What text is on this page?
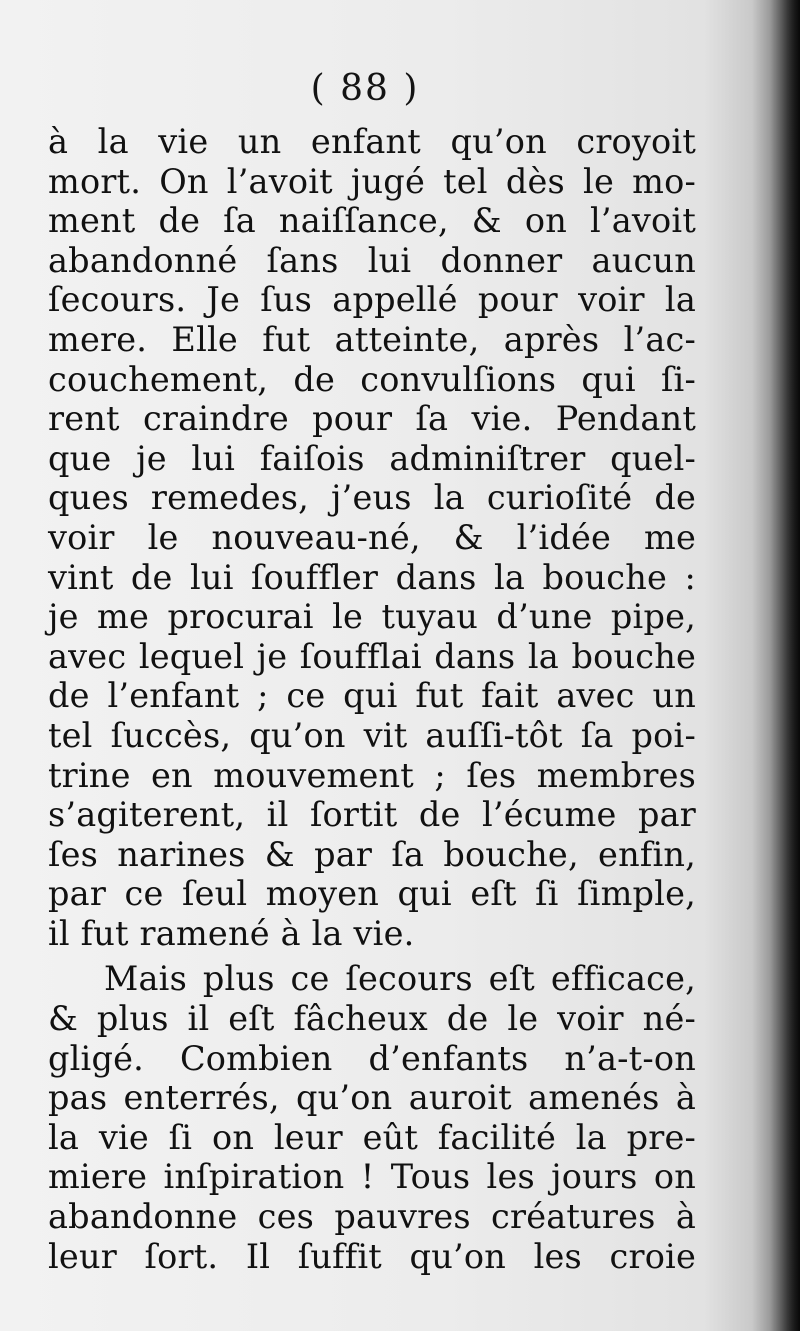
( 88 )
à la vie un enfant qu’on croyoit
mort. On l’avoit jugé tel dès le mo-
ment de ſa naiſſance, & on l’avoit
abandonné ſans lui donner aucun
ſecours. Je ſus appellé pour voir la
mere. Elle fut atteinte, après l’ac-
couchement, de convulſions qui ſi-
rent craindre pour ſa vie. Pendant
que je lui faiſois adminiſtrer quel-
ques remedes, j’eus la curioſité de
voir le nouveau-né, & l’idée me
vint de lui ſouffler dans la bouche :
je me procurai le tuyau d’une pipe,
avec lequel je ſoufflai dans la bouche
de l’enfant ; ce qui fut fait avec un
tel ſuccès, qu’on vit auſſi-tôt ſa poi-
trine en mouvement ; ſes membres
s’agiterent, il ſortit de l’écume par
ſes narines & par ſa bouche, enfin,
par ce ſeul moyen qui eſt ſi ſimple,
il fut ramené à la vie.
Mais plus ce ſecours eſt efficace,
& plus il eſt fâcheux de le voir né-
gligé. Combien d’enfants n’a-t-on
pas enterrés, qu’on auroit amenés à
la vie ſi on leur eût facilité la pre-
miere inſpiration ! Tous les jours on
abandonne ces pauvres créatures à
leur ſort. Il ſuffit qu’on les croie
